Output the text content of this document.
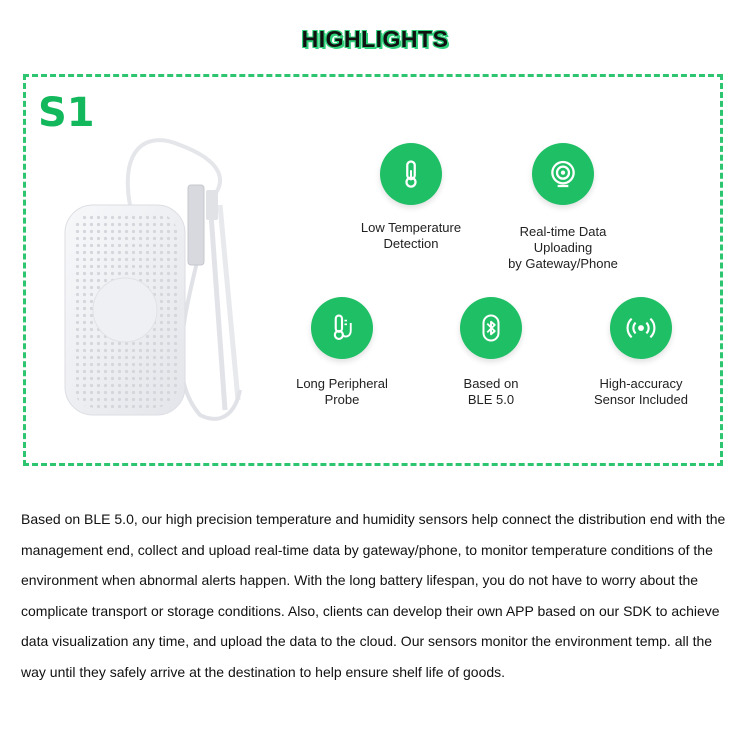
HIGHLIGHTS
S1
Low Temperature
Detection
Real-time Data
Uploading
by Gateway/Phone
Long Peripheral
Probe
Based on
BLE 5.0
High-accuracy
Sensor Included
Based on BLE 5.0, our high precision temperature and humidity sensors help connect the distribution end with the management end, collect and upload real-time data by gateway/phone, to monitor temperature conditions of the environment when abnormal alerts happen. With the long battery lifespan, you do not have to worry about the complicate transport or storage conditions. Also, clients can develop their own APP based on our SDK to achieve data visualization any time, and upload the data to the cloud. Our sensors monitor the environment temp. all the way until they safely arrive at the destination to help ensure shelf life of goods.
